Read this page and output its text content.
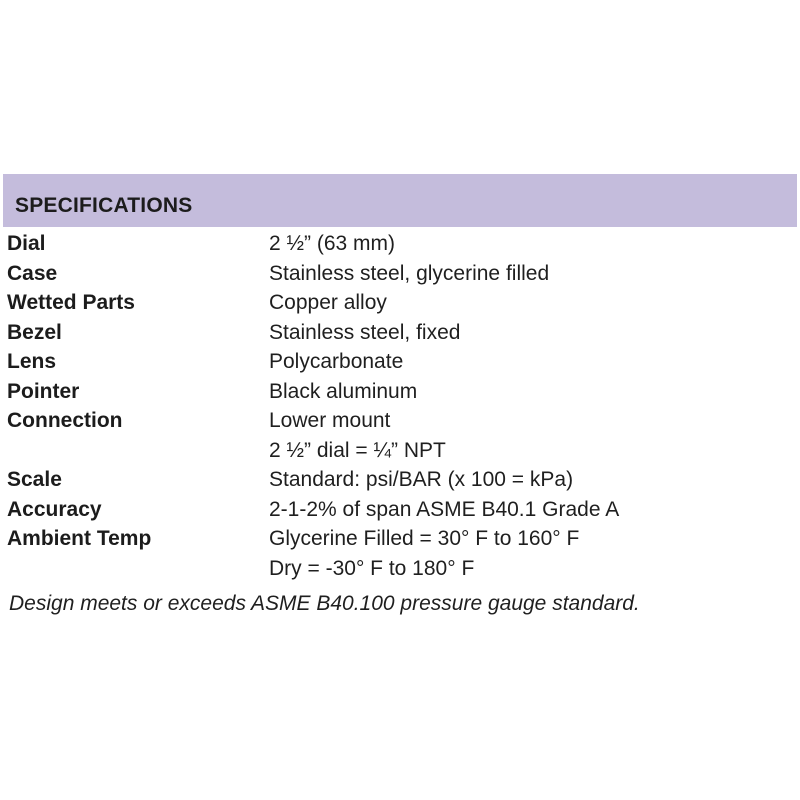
SPECIFICATIONS
Dial	2 ½” (63 mm)
Case	Stainless steel, glycerine filled
Wetted Parts	Copper alloy
Bezel	Stainless steel, fixed
Lens	Polycarbonate
Pointer	Black aluminum
Connection	Lower mount
2 ½” dial = ¼” NPT
Scale	Standard: psi/BAR (x 100 = kPa)
Accuracy	2-1-2% of span ASME B40.1 Grade A
Ambient Temp	Glycerine Filled = 30° F to 160° F
Dry = -30° F to 180° F
Design meets or exceeds ASME B40.100 pressure gauge standard.
